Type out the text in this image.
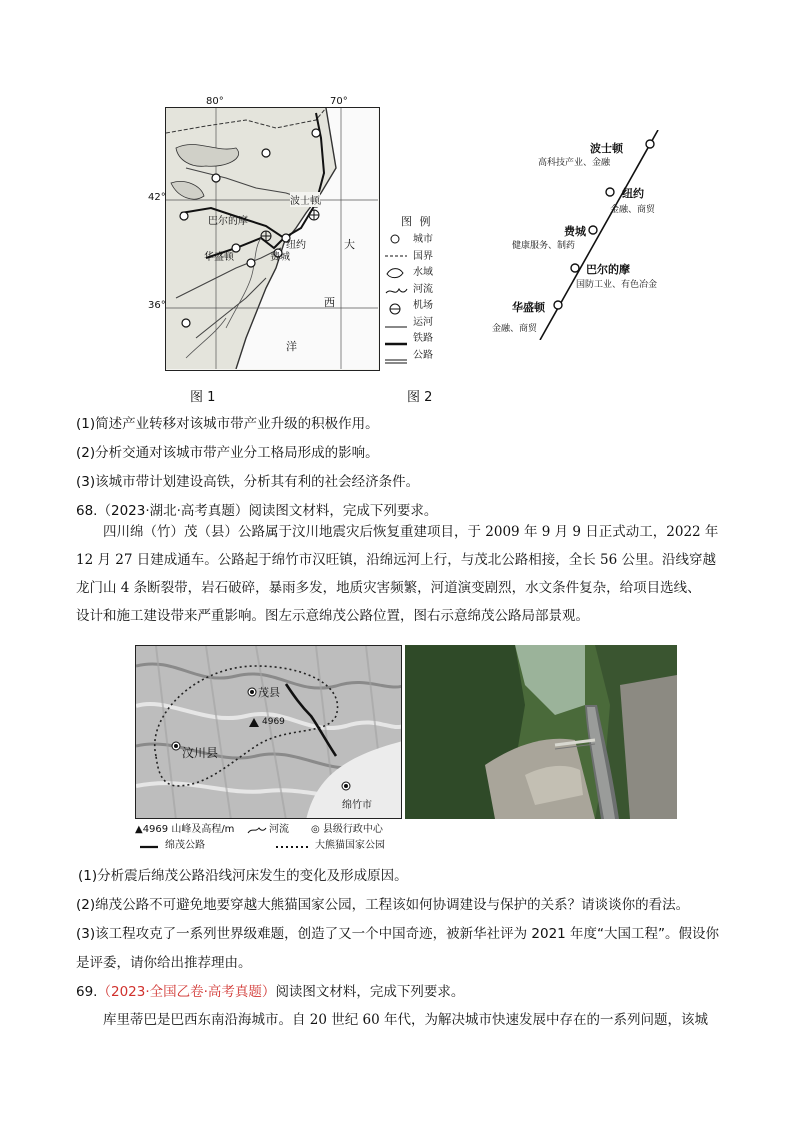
波士顿
巴尔的摩
纽约
华盛顿	费城
大
西
洋
80°	70°
42°
36°
图 例
城市
国界
水域
河流
机场
运河
铁路
公路
图 1
波士顿
高科技产业、金融
纽约
金融、商贸
费城
健康服务、制药
巴尔的摩
国防工业、有色冶金
华盛顿
金融、商贸
图 2
(1)简述产业转移对该城市带产业升级的积极作用。
(2)分析交通对该城市带产业分工格局形成的影响。
(3)该城市带计划建设高铁，分析其有利的社会经济条件。
68.（2023·湖北·高考真题）阅读图文材料，完成下列要求。
四川绵（竹）茂（县）公路属于汶川地震灾后恢复重建项目，于 2009 年 9 月 9 日正式动工，2022 年
12 月 27 日建成通车。公路起于绵竹市汉旺镇，沿绵远河上行，与茂北公路相接，全长 56 公里。沿线穿越
龙门山 4 条断裂带，岩石破碎，暴雨多发，地质灾害频繁，河道演变剧烈，水文条件复杂，给项目选线、
设计和施工建设带来严重影响。图左示意绵茂公路位置，图右示意绵茂公路局部景观。
茂县
4969
汶川县
绵竹市
▲4969 山峰及高程/m	河流 ◎ 县级行政中心
绵茂公路	大熊猫国家公园
(1)分析震后绵茂公路沿线河床发生的变化及形成原因。
(2)绵茂公路不可避免地要穿越大熊猫国家公园，工程该如何协调建设与保护的关系？请谈谈你的看法。
(3)该工程攻克了一系列世界级难题，创造了又一个中国奇迹，被新华社评为 2021 年度“大国工程”。假设你
是评委，请你给出推荐理由。
69.（2023·全国乙卷·高考真题）阅读图文材料，完成下列要求。
库里蒂巴是巴西东南沿海城市。自 20 世纪 60 年代，为解决城市快速发展中存在的一系列问题，该城
